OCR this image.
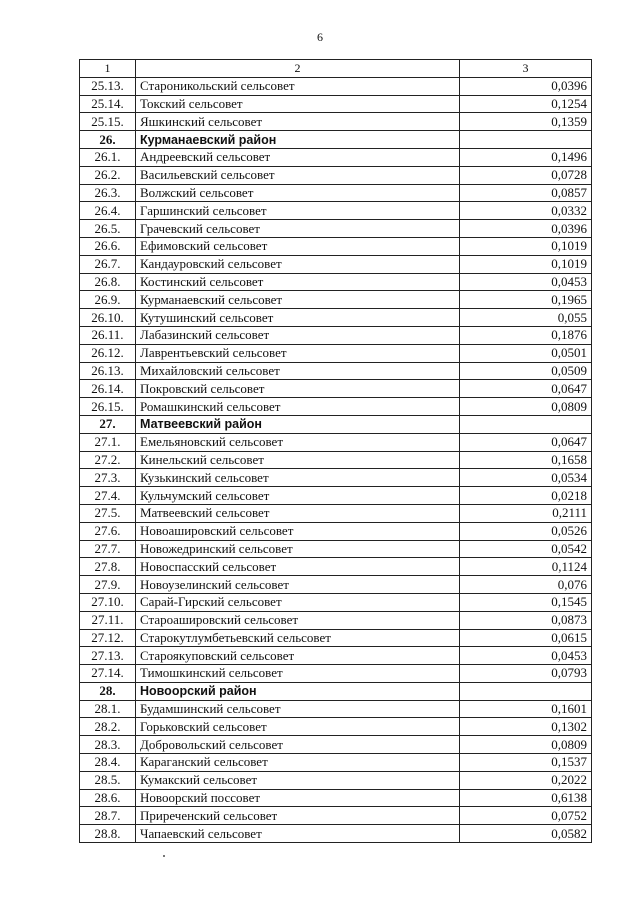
6
1	2	3
25.13.	Староникольский сельсовет	0,0396
25.14.	Токский сельсовет	0,1254
25.15.	Яшкинский сельсовет	0,1359
26.	Курманаевский район	
26.1.	Андреевский сельсовет	0,1496
26.2.	Васильевский сельсовет	0,0728
26.3.	Волжский сельсовет	0,0857
26.4.	Гаршинский сельсовет	0,0332
26.5.	Грачевский сельсовет	0,0396
26.6.	Ефимовский сельсовет	0,1019
26.7.	Кандауровский сельсовет	0,1019
26.8.	Костинский сельсовет	0,0453
26.9.	Курманаевский сельсовет	0,1965
26.10.	Кутушинский сельсовет	0,055
26.11.	Лабазинский сельсовет	0,1876
26.12.	Лаврентьевский сельсовет	0,0501
26.13.	Михайловский сельсовет	0,0509
26.14.	Покровский сельсовет	0,0647
26.15.	Ромашкинский сельсовет	0,0809
27.	Матвеевский район	
27.1.	Емельяновский сельсовет	0,0647
27.2.	Кинельский сельсовет	0,1658
27.3.	Кузькинский сельсовет	0,0534
27.4.	Кульчумский сельсовет	0,0218
27.5.	Матвеевский сельсовет	0,2111
27.6.	Новоаширoвский сельсовет	0,0526
27.7.	Новожедринский сельсовет	0,0542
27.8.	Новоспасский сельсовет	0,1124
27.9.	Новоузелинский сельсовет	0,076
27.10.	Сарай-Гирский сельсовет	0,1545
27.11.	Староаширoвский сельсовет	0,0873
27.12.	Старокутлумбетьевский сельсовет	0,0615
27.13.	Староякуповский сельсовет	0,0453
27.14.	Тимошкинский сельсовет	0,0793
28.	Новоорский район	
28.1.	Будамшинский сельсовет	0,1601
28.2.	Горьковский сельсовет	0,1302
28.3.	Добровольский сельсовет	0,0809
28.4.	Караганский сельсовет	0,1537
28.5.	Кумакский сельсовет	0,2022
28.6.	Новоорский поссовет	0,6138
28.7.	Приреченский сельсовет	0,0752
28.8.	Чапаевский сельсовет	0,0582
